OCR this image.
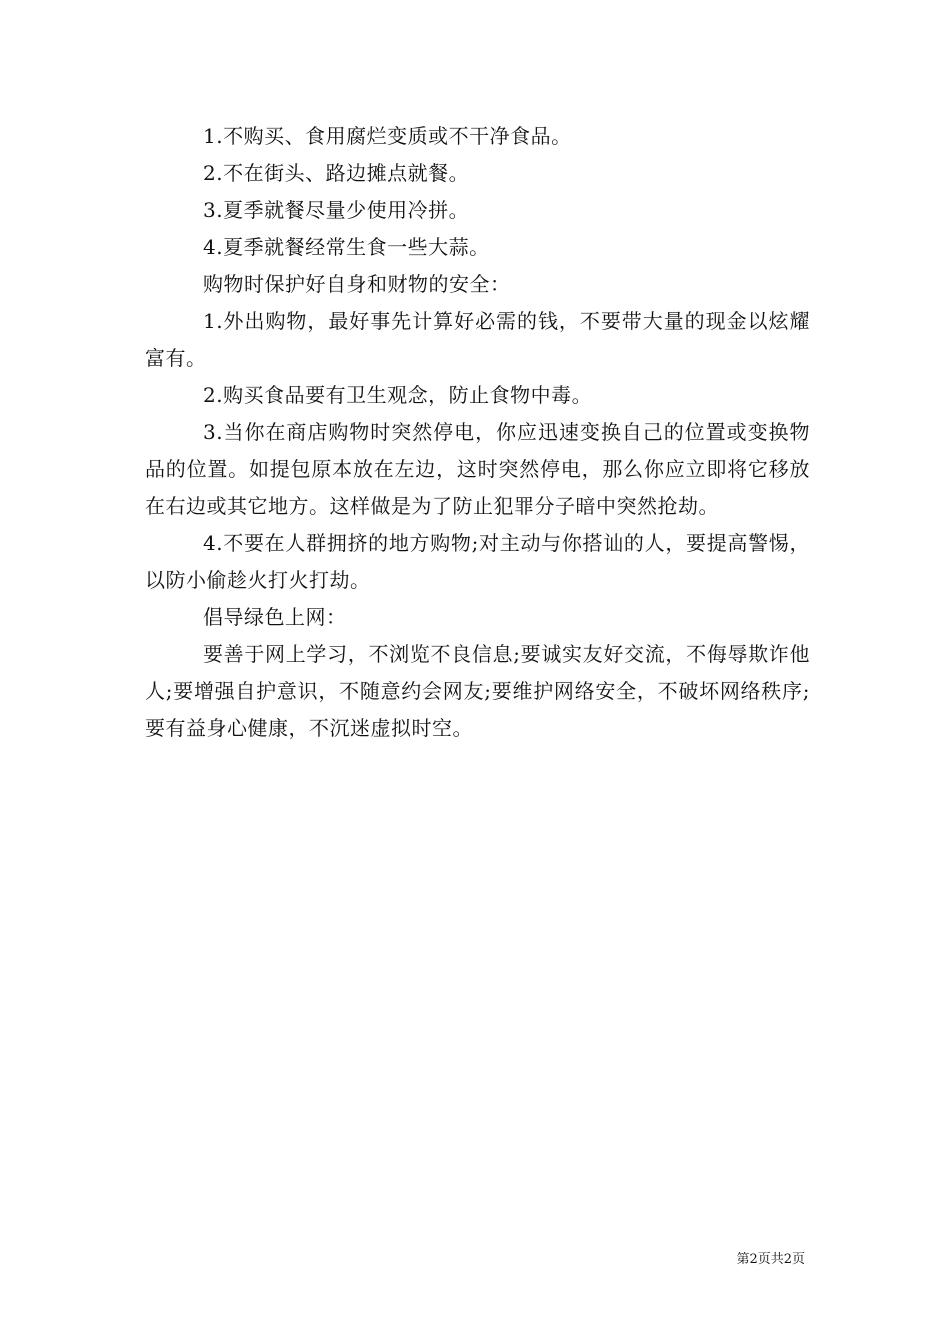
1.不购买、食用腐烂变质或不干净食品。

2.不在街头、路边摊点就餐。

3.夏季就餐尽量少使用冷拼。

4.夏季就餐经常生食一些大蒜。

购物时保护好自身和财物的安全：

1.外出购物，最好事先计算好必需的钱，不要带大量的现金以炫耀富有。

2.购买食品要有卫生观念，防止食物中毒。

3.当你在商店购物时突然停电，你应迅速变换自己的位置或变换物品的位置。如提包原本放在左边，这时突然停电，那么你应立即将它移放在右边或其它地方。这样做是为了防止犯罪分子暗中突然抢劫。

4.不要在人群拥挤的地方购物;对主动与你搭讪的人，要提高警惕，以防小偷趁火打火打劫。

倡导绿色上网：

要善于网上学习，不浏览不良信息;要诚实友好交流，不侮辱欺诈他人;要增强自护意识，不随意约会网友;要维护网络安全，不破坏网络秩序;要有益身心健康，不沉迷虚拟时空。

第2页共2页
